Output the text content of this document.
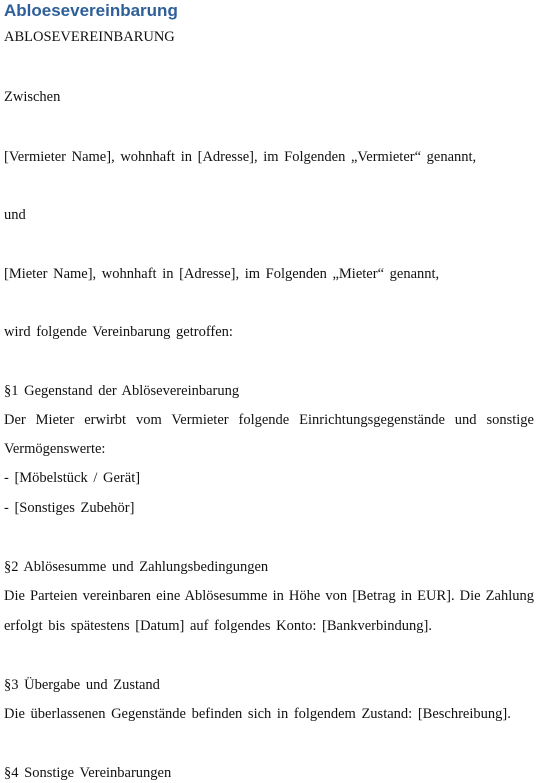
Abloesevereinbarung

ABLOSEVEREINBARUNG

Zwischen

[Vermieter Name], wohnhaft in [Adresse], im Folgenden „Vermieter“ genannt,

und

[Mieter Name], wohnhaft in [Adresse], im Folgenden „Mieter“ genannt,

wird folgende Vereinbarung getroffen:

§1 Gegenstand der Ablösevereinbarung

Der Mieter erwirbt vom Vermieter folgende Einrichtungsgegenstände und sonstige

Vermögenswerte:

- [Möbelstück / Gerät]

- [Sonstiges Zubehör]

§2 Ablösesumme und Zahlungsbedingungen

Die Parteien vereinbaren eine Ablösesumme in Höhe von [Betrag in EUR]. Die Zahlung

erfolgt bis spätestens [Datum] auf folgendes Konto: [Bankverbindung].

§3 Übergabe und Zustand

Die überlassenen Gegenstände befinden sich in folgendem Zustand: [Beschreibung].

§4 Sonstige Vereinbarungen
